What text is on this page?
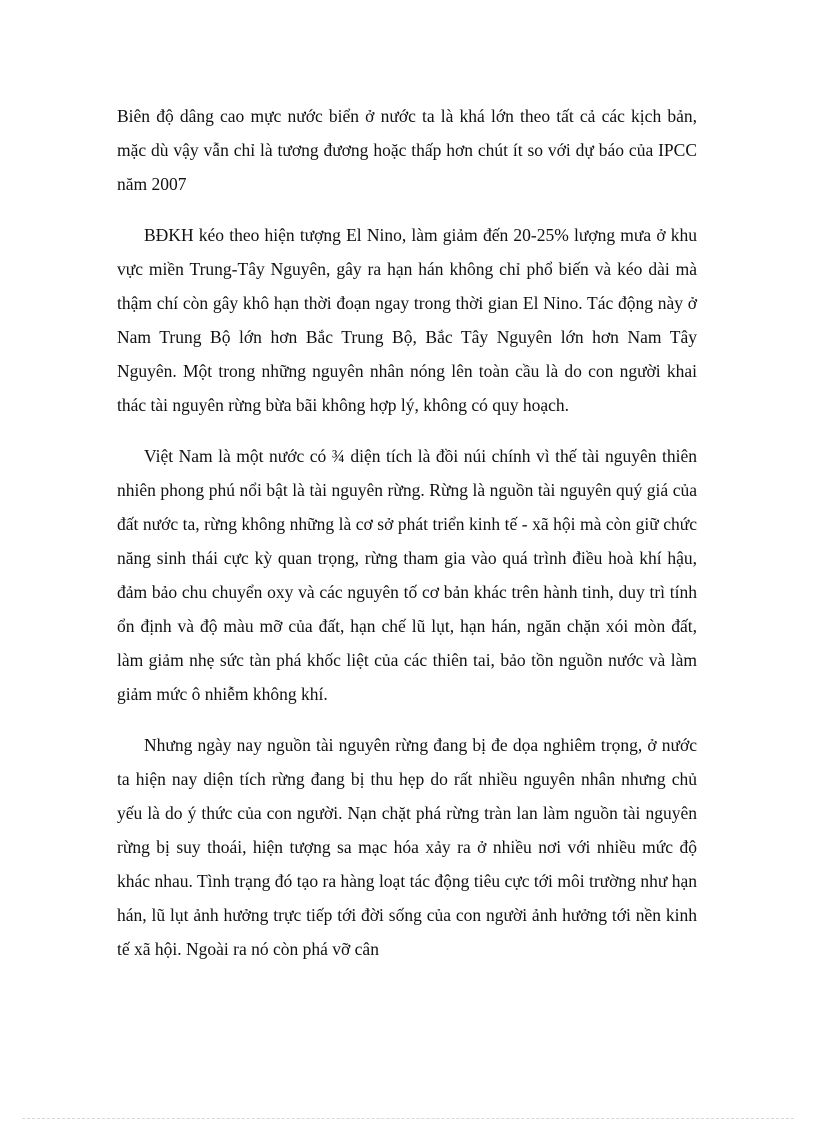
Biên độ dâng cao mực nước biển ở nước ta là khá lớn theo tất cả các kịch bản, mặc dù vậy vẫn chỉ là tương đương hoặc thấp hơn chút ít so với dự báo của IPCC năm 2007

BĐKH kéo theo hiện tượng El Nino, làm giảm đến 20-25% lượng mưa ở khu vực miền Trung-Tây Nguyên, gây ra hạn hán không chỉ phổ biến và kéo dài mà thậm chí còn gây khô hạn thời đoạn ngay trong thời gian El Nino. Tác động này ở Nam Trung Bộ lớn hơn Bắc Trung Bộ, Bắc Tây Nguyên lớn hơn Nam Tây Nguyên. Một trong những nguyên nhân nóng lên toàn cầu là do con người khai thác tài nguyên rừng bừa bãi không hợp lý, không có quy hoạch.

Việt Nam là một nước có ¾ diện tích là đồi núi chính vì thế tài nguyên thiên nhiên phong phú nổi bật là tài nguyên rừng. Rừng là nguồn tài nguyên quý giá của đất nước ta, rừng không những là cơ sở phát triển kinh tế - xã hội mà còn giữ chức năng sinh thái cực kỳ quan trọng, rừng tham gia vào quá trình điều hoà khí hậu, đảm bảo chu chuyển oxy và các nguyên tố cơ bản khác trên hành tinh, duy trì tính ổn định và độ màu mỡ của đất, hạn chế lũ lụt, hạn hán, ngăn chặn xói mòn đất, làm giảm nhẹ sức tàn phá khốc liệt của các thiên tai, bảo tồn nguồn nước và làm giảm mức ô nhiễm không khí.

Nhưng ngày nay nguồn tài nguyên rừng đang bị đe dọa nghiêm trọng, ở nước ta hiện nay diện tích rừng đang bị thu hẹp do rất nhiều nguyên nhân nhưng chủ yếu là do ý thức của con người. Nạn chặt phá rừng tràn lan làm nguồn tài nguyên rừng bị suy thoái, hiện tượng sa mạc hóa xảy ra ở nhiều nơi với nhiều mức độ khác nhau. Tình trạng đó tạo ra hàng loạt tác động tiêu cực tới môi trường như hạn hán, lũ lụt ảnh hưởng trực tiếp tới đời sống của con người ảnh hưởng tới nền kinh tế xã hội. Ngoài ra nó còn phá vỡ cân
